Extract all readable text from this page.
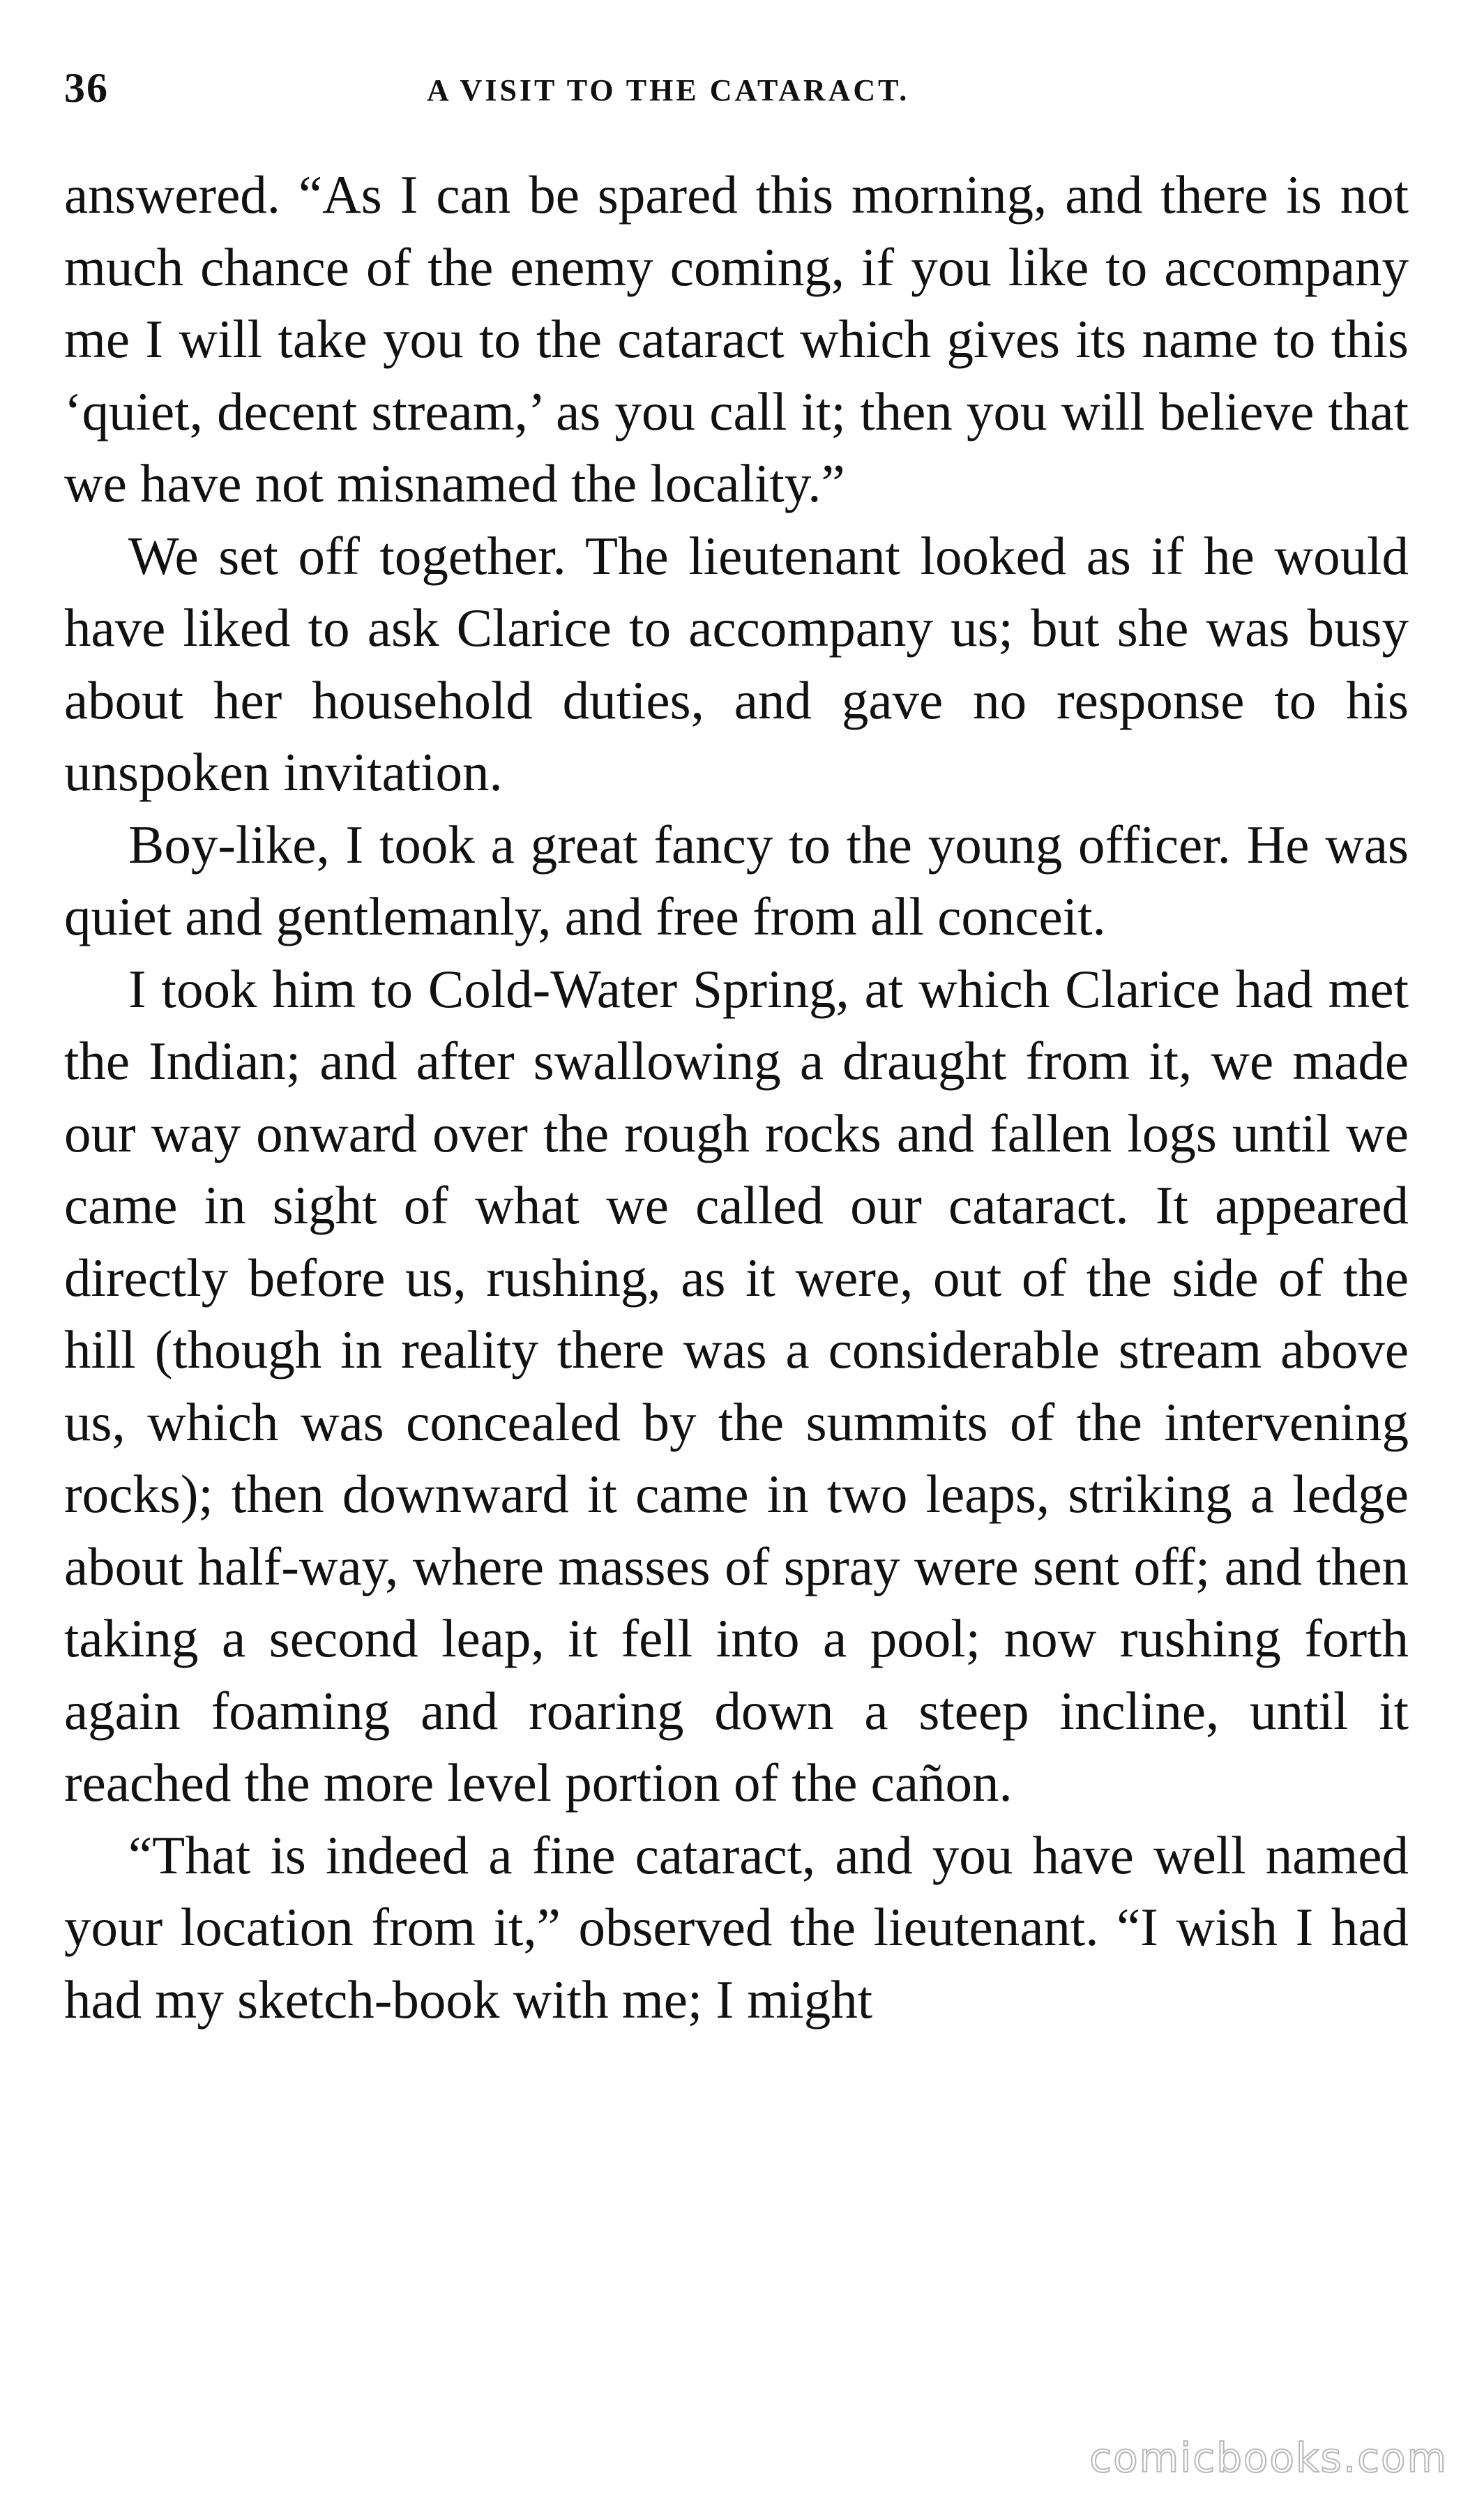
36	A VISIT TO THE CATARACT.

answered. “As I can be spared this morning, and there is not much chance of the enemy coming, if you like to accompany me I will take you to the cataract which gives its name to this ‘quiet, decent stream,’ as you call it; then you will believe that we have not misnamed the locality.”

We set off together. The lieutenant looked as if he would have liked to ask Clarice to accompany us; but she was busy about her household duties, and gave no response to his unspoken invitation.

Boy-like, I took a great fancy to the young officer. He was quiet and gentlemanly, and free from all conceit.

I took him to Cold-Water Spring, at which Clarice had met the Indian; and after swallowing a draught from it, we made our way onward over the rough rocks and fallen logs until we came in sight of what we called our cataract. It appeared directly before us, rushing, as it were, out of the side of the hill (though in reality there was a considerable stream above us, which was concealed by the summits of the intervening rocks); then downward it came in two leaps, striking a ledge about half-way, where masses of spray were sent off; and then taking a second leap, it fell into a pool; now rushing forth again foaming and roaring down a steep incline, until it reached the more level portion of the cañon.

“That is indeed a fine cataract, and you have well named your location from it,” observed the lieutenant. “I wish I had had my sketch-book with me; I might

comicbooks.com
